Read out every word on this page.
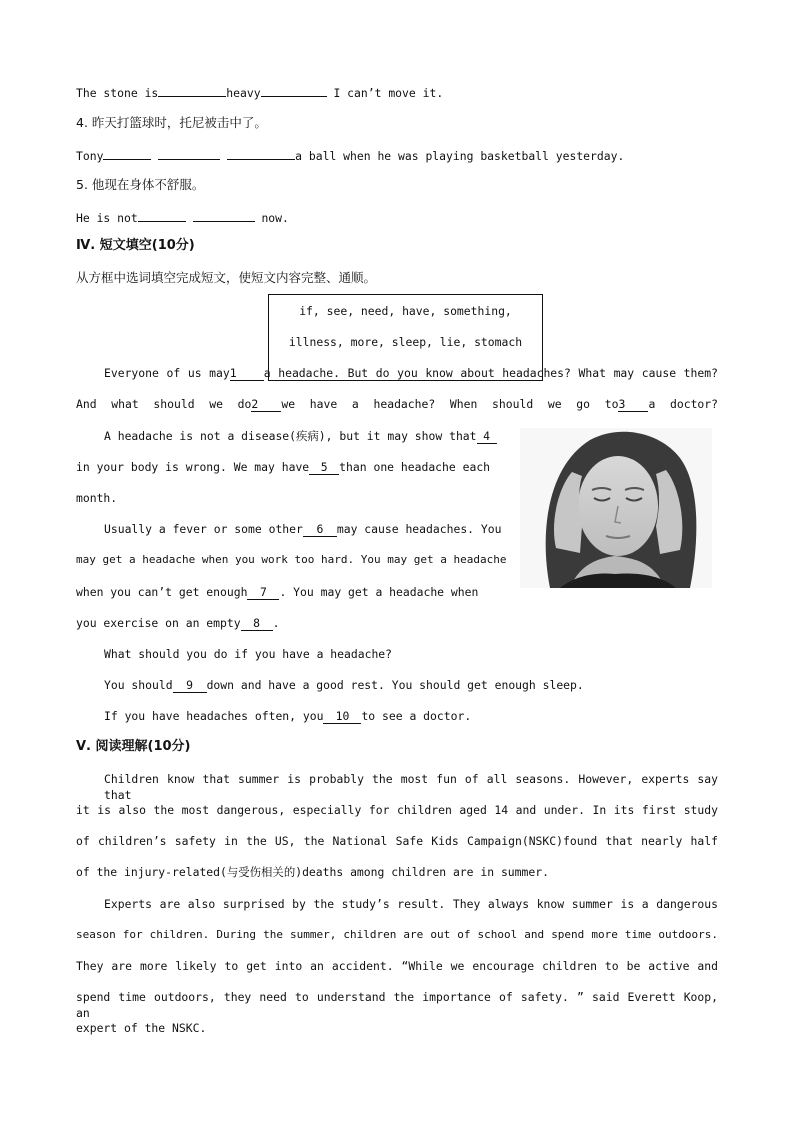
The stone is	heavy	I can’t move it.
4. 昨天打篮球时，托尼被击中了。
Tony	a ball when he was playing basketball yesterday.
5. 他现在身体不舒服。
He is not	now.
Ⅳ. 短文填空(10分)
从方框中选词填空完成短文，使短文内容完整、通顺。
if, see, need, have, something,
illness, more, sleep, lie, stomach
Everyone of us may1 a headache. But do you know about headaches? What may cause them?
And what should we do2 we have a headache? When should we go to3 a doctor?
A headache is not a disease(疾病), but it may show that 4
in your body is wrong. We may have 5 than one headache each
month.
Usually a fever or some other 6 may cause headaches. You
may get a headache when you work too hard. You may get a headache
when you can’t get enough 7 . You may get a headache when
you exercise on an empty 8 .
What should you do if you have a headache?
You should 9 down and have a good rest. You should get enough sleep.
If you have headaches often, you 10 to see a doctor.
Ⅴ. 阅读理解(10分)
Children know that summer is probably the most fun of all seasons. However, experts say that
it is also the most dangerous, especially for children aged 14 and under. In its first study
of children’s safety in the US, the National Safe Kids Campaign(NSKC)found that nearly half
of the injury-related(与受伤相关的)deaths among children are in summer.
Experts are also surprised by the study’s result. They always know summer is a dangerous
season for children. During the summer, children are out of school and spend more time outdoors.
They are more likely to get into an accident. “While we encourage children to be active and
spend time outdoors, they need to understand the importance of safety. ” said Everett Koop, an
expert of the NSKC.
